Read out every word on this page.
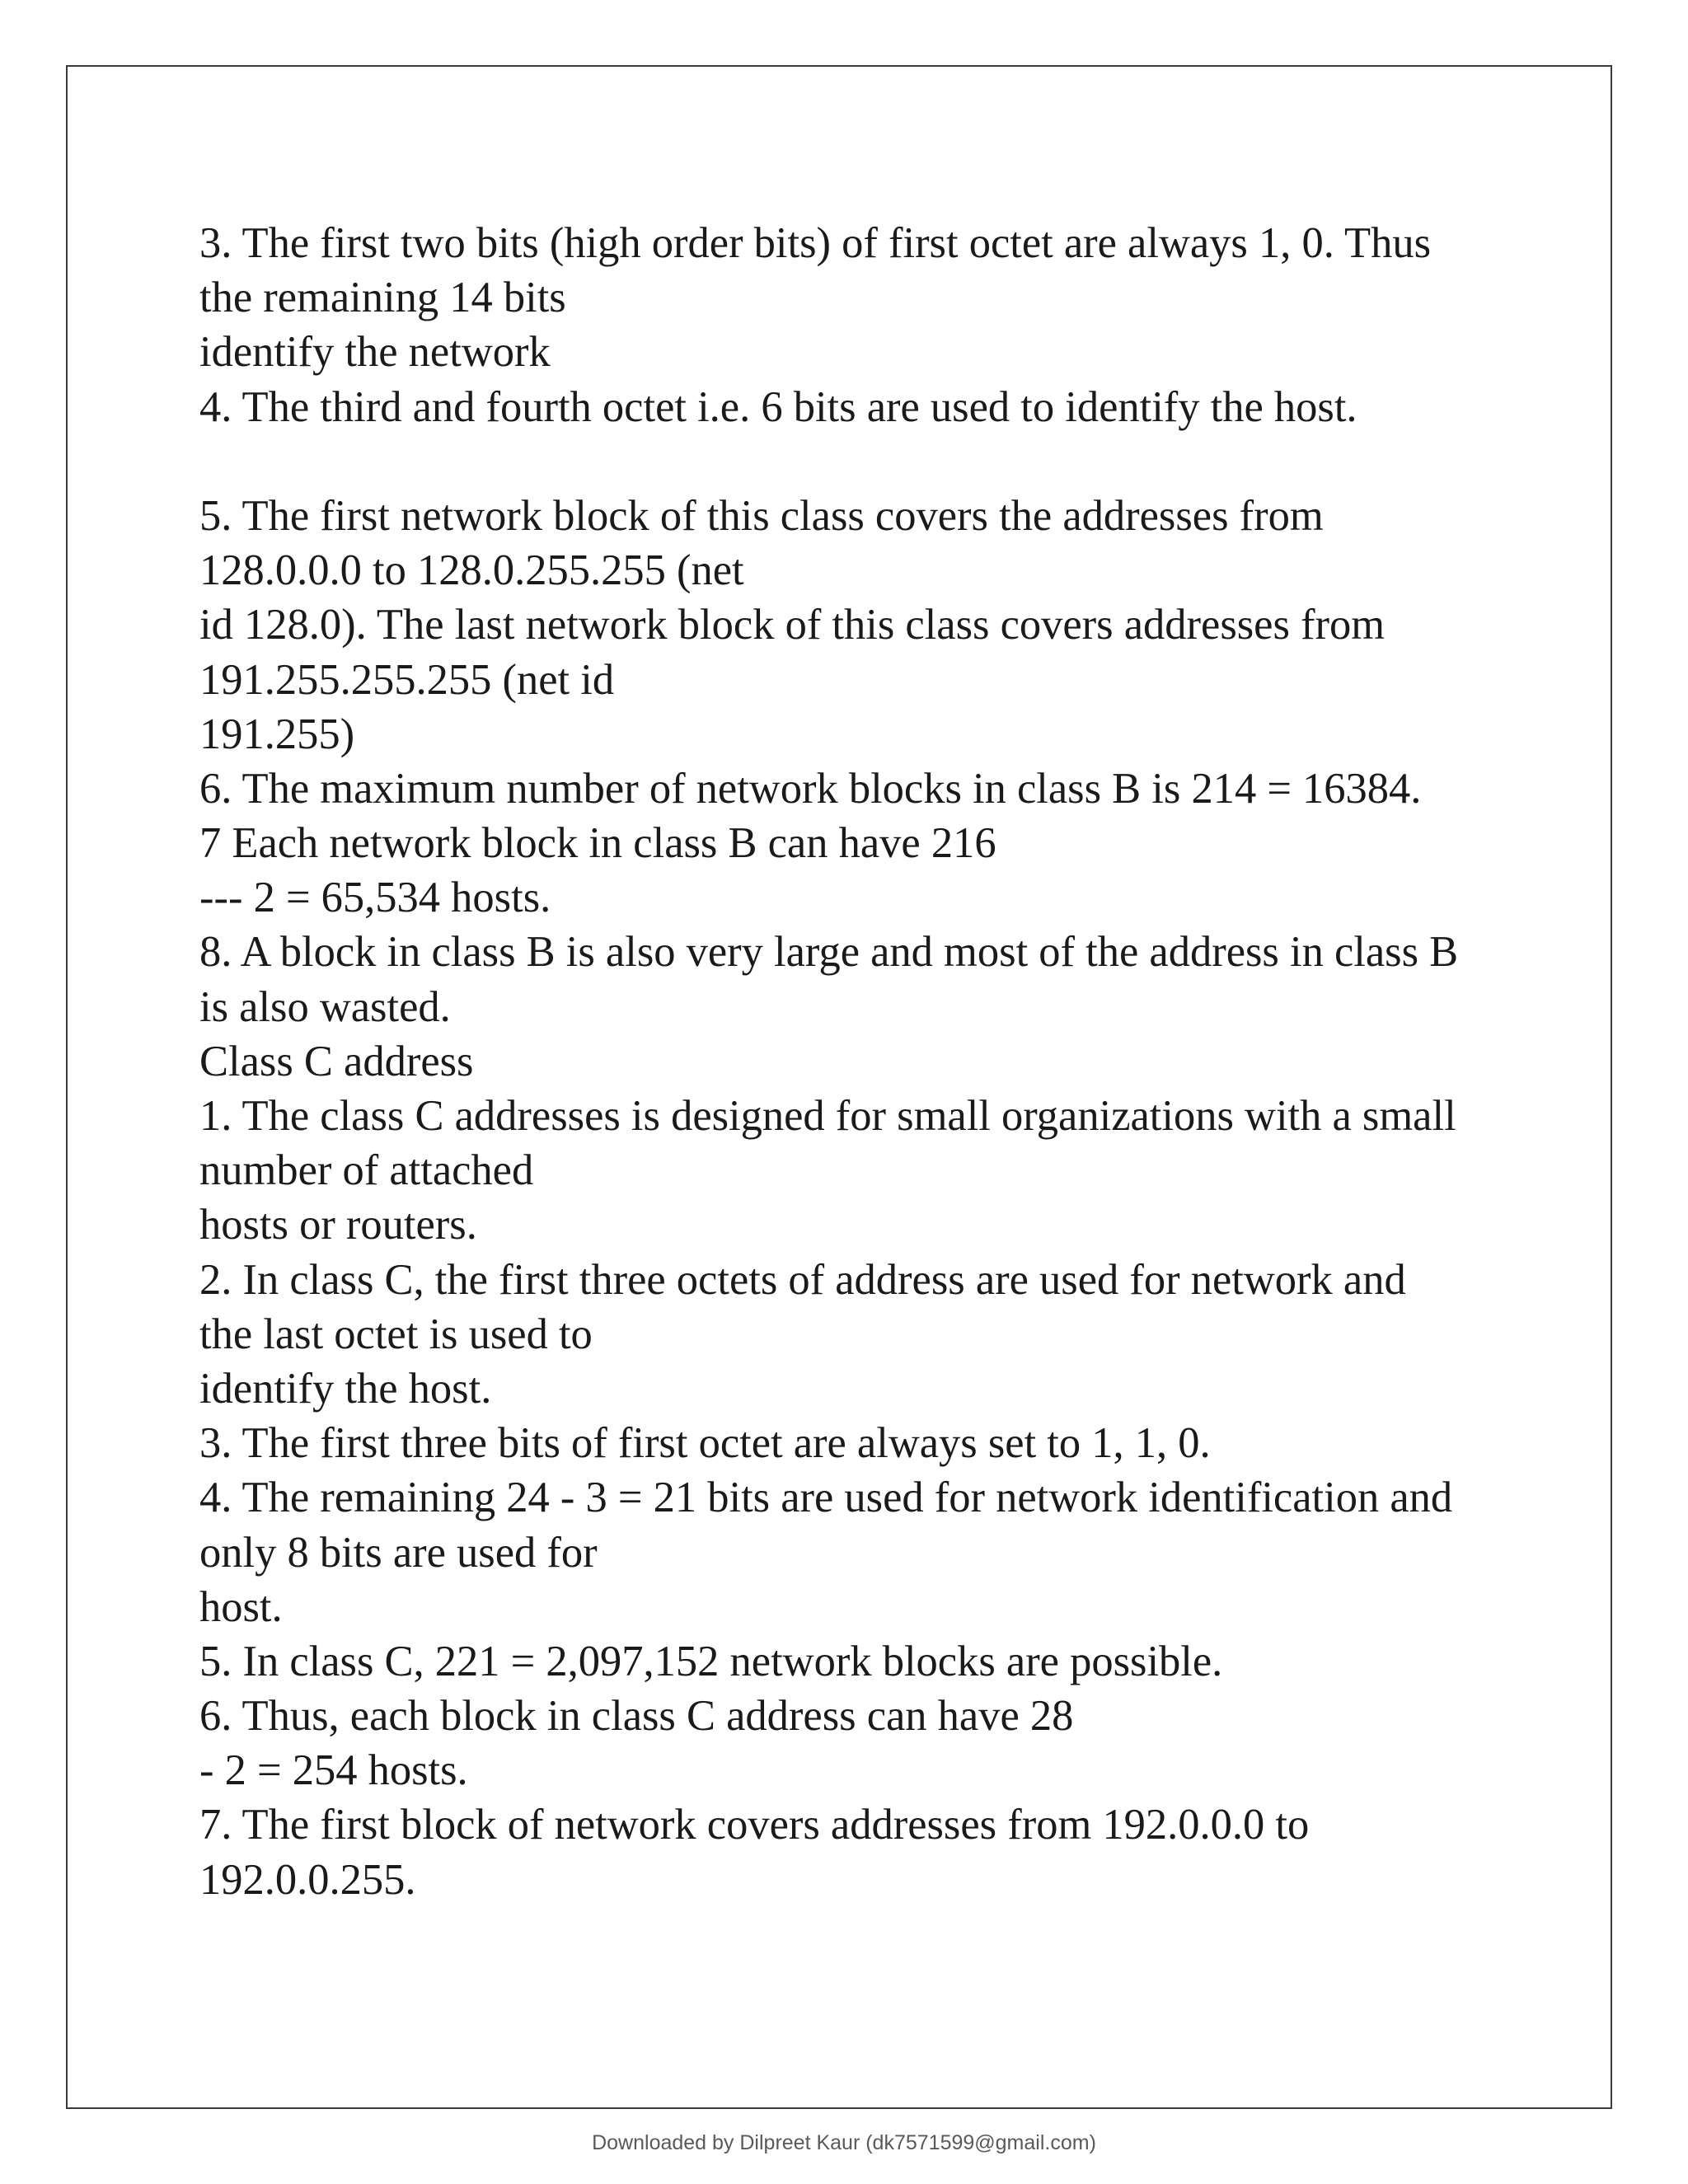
3. The first two bits (high order bits) of first octet are always 1, 0. Thus
the remaining 14 bits
identify the network
4. The third and fourth octet i.e. 6 bits are used to identify the host.
5. The first network block of this class covers the addresses from
128.0.0.0 to 128.0.255.255 (net
id 128.0). The last network block of this class covers addresses from
191.255.255.255 (net id
191.255)
6. The maximum number of network blocks in class B is 214 = 16384.
7 Each network block in class B can have 216
--- 2 = 65,534 hosts.
8. A block in class B is also very large and most of the address in class B
is also wasted.
Class C address
1. The class C addresses is designed for small organizations with a small
number of attached
hosts or routers.
2. In class C, the first three octets of address are used for network and
the last octet is used to
identify the host.
3. The first three bits of first octet are always set to 1, 1, 0.
4. The remaining 24 - 3 = 21 bits are used for network identification and
only 8 bits are used for
host.
5. In class C, 221 = 2,097,152 network blocks are possible.
6. Thus, each block in class C address can have 28
- 2 = 254 hosts.
7. The first block of network covers addresses from 192.0.0.0 to
192.0.0.255.
Downloaded by Dilpreet Kaur (dk7571599@gmail.com)
